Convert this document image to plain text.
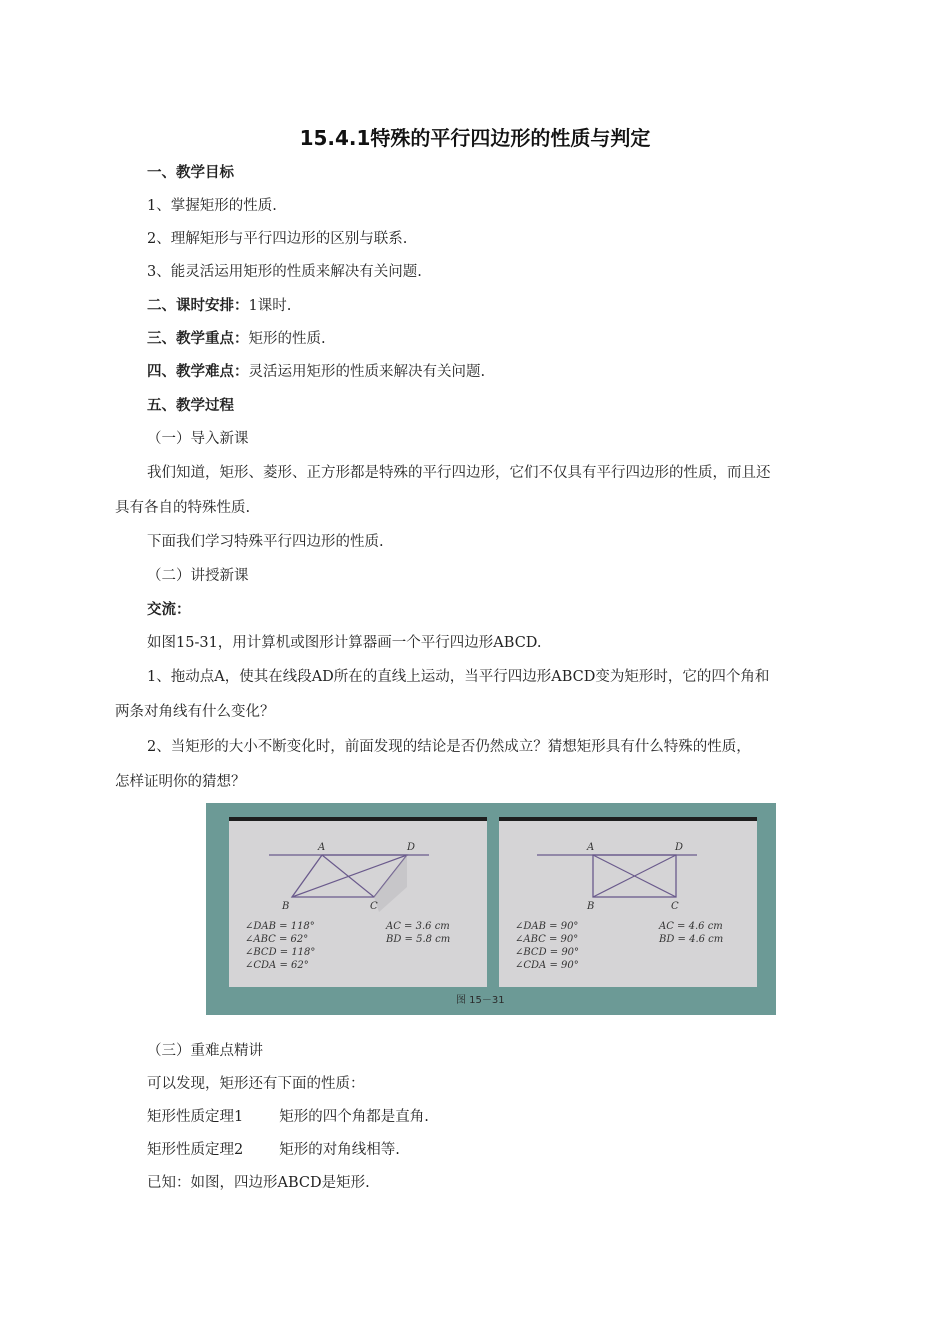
15.4.1特殊的平行四边形的性质与判定
一、教学目标
1、掌握矩形的性质.
2、理解矩形与平行四边形的区别与联系.
3、能灵活运用矩形的性质来解决有关问题.
二、课时安排：1课时.
三、教学重点：矩形的性质.
四、教学难点：灵活运用矩形的性质来解决有关问题.
五、教学过程
（一）导入新课
我们知道，矩形、菱形、正方形都是特殊的平行四边形，它们不仅具有平行四边形的性质，而且还
具有各自的特殊性质.
下面我们学习特殊平行四边形的性质.
（二）讲授新课
交流：
如图15-31，用计算机或图形计算器画一个平行四边形ABCD.
1、拖动点A，使其在线段AD所在的直线上运动，当平行四边形ABCD变为矩形时，它的四个角和
两条对角线有什么变化？
2、当矩形的大小不断变化时，前面发现的结论是否仍然成立？猜想矩形具有什么特殊的性质，
怎样证明你的猜想？
A	D
B	C
∠DAB = 118°
∠ABC = 62°
∠BCD = 118°
∠CDA = 62°
AC = 3.6 cm
BD = 5.8 cm
A	D
B	C
∠DAB = 90°
∠ABC = 90°
∠BCD = 90°
∠CDA = 90°
AC = 4.6 cm
BD = 4.6 cm
图 15－31
（三）重难点精讲
可以发现，矩形还有下面的性质：
矩形性质定理1 矩形的四个角都是直角.
矩形性质定理2 矩形的对角线相等.
已知：如图，四边形ABCD是矩形.
